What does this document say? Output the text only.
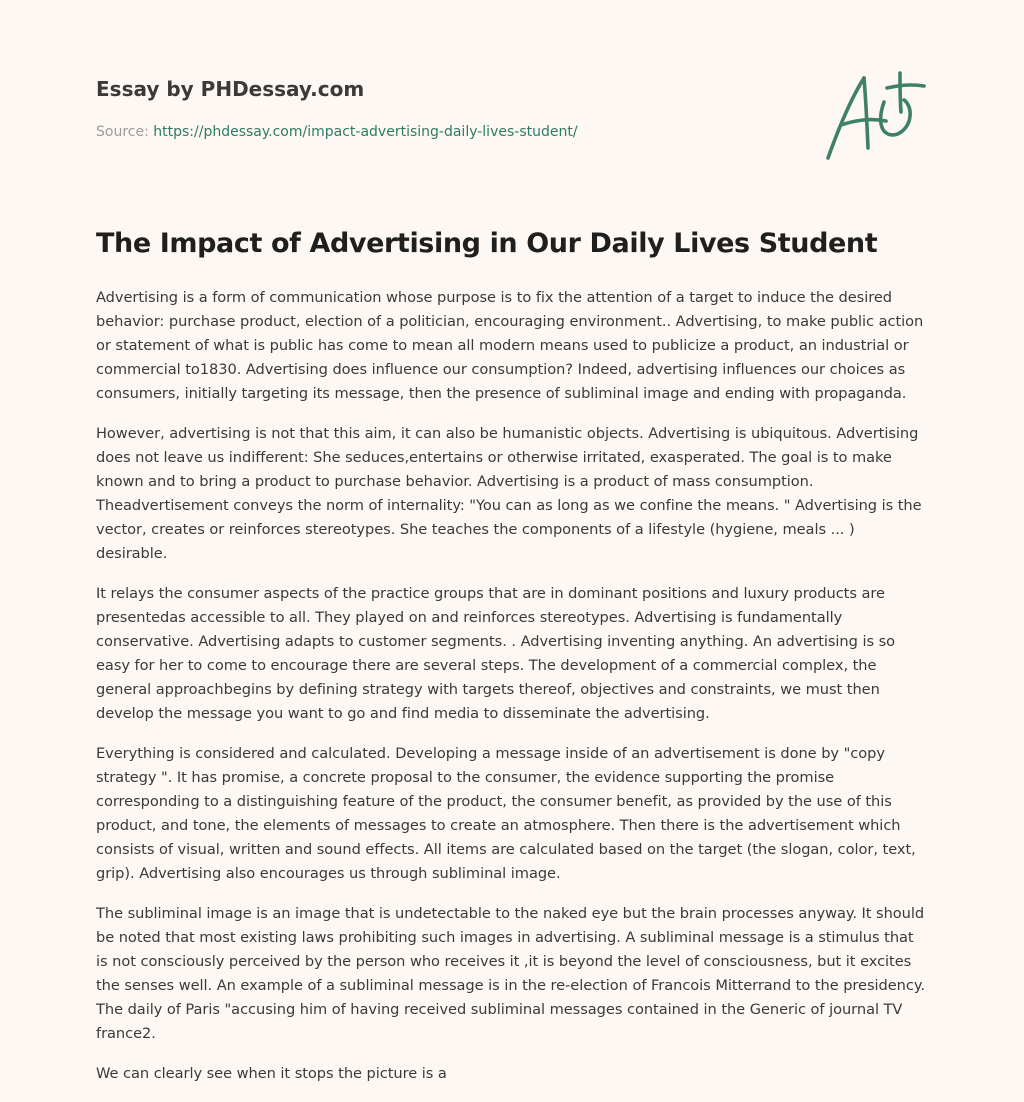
Essay by PHDessay.com
Source: https://phdessay.com/impact-advertising-daily-lives-student/
The Impact of Advertising in Our Daily Lives Student

Advertising is a form of communication whose purpose is to fix the attention of a target to induce the desired behavior: purchase product, election of a politician, encouraging environment.. Advertising, to make public action or statement of what is public has come to mean all modern means used to publicize a product, an industrial or commercial to1830. Advertising does influence our consumption? Indeed, advertising influences our choices as consumers, initially targeting its message, then the presence of subliminal image and ending with propaganda.

However, advertising is not that this aim, it can also be humanistic objects. Advertising is ubiquitous. Advertising does not leave us indifferent: She seduces,entertains or otherwise irritated, exasperated. The goal is to make known and to bring a product to purchase behavior. Advertising is a product of mass consumption. Theadvertisement conveys the norm of internality: "You can as long as we confine the means. " Advertising is the vector, creates or reinforces stereotypes. She teaches the components of a lifestyle (hygiene, meals ... ) desirable.

It relays the consumer aspects of the practice groups that are in dominant positions and luxury products are presentedas accessible to all. They played on and reinforces stereotypes. Advertising is fundamentally conservative. Advertising adapts to customer segments. . Advertising inventing anything. An advertising is so easy for her to come to encourage there are several steps. The development of a commercial complex, the general approachbegins by defining strategy with targets thereof, objectives and constraints, we must then develop the message you want to go and find media to disseminate the advertising.

Everything is considered and calculated. Developing a message inside of an advertisement is done by "copy strategy ". It has promise, a concrete proposal to the consumer, the evidence supporting the promise corresponding to a distinguishing feature of the product, the consumer benefit, as provided by the use of this product, and tone, the elements of messages to create an atmosphere. Then there is the advertisement which consists of visual, written and sound effects. All items are calculated based on the target (the slogan, color, text, grip). Advertising also encourages us through subliminal image.

The subliminal image is an image that is undetectable to the naked eye but the brain processes anyway. It should be noted that most existing laws prohibiting such images in advertising. A subliminal message is a stimulus that is not consciously perceived by the person who receives it ,it is beyond the level of consciousness, but it excites the senses well. An example of a subliminal message is in the re-election of Francois Mitterrand to the presidency. The daily of Paris "accusing him of having received subliminal messages contained in the Generic of journal TV france2.

We can clearly see when it stops the picture is a
